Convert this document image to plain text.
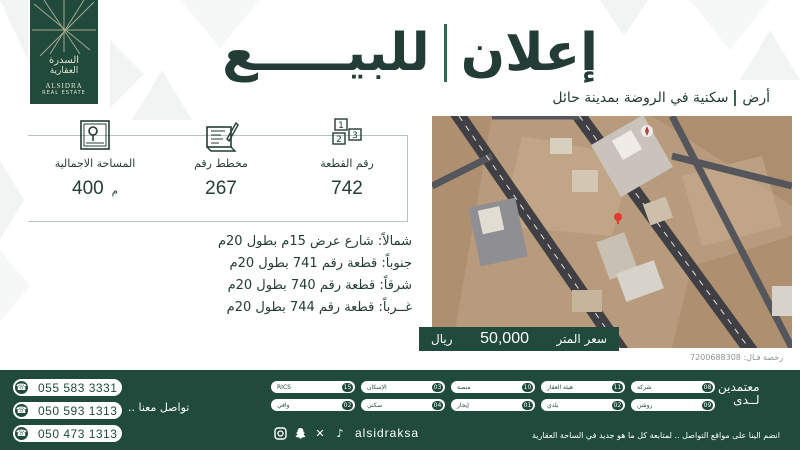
السدرة
العقارية
ALSIDRA
REAL ESTATE
إعلان
للبيـــــع
أرض
سكنية في الروضة بمدينة حائل
المساحة الاجمالية
400 م
مخطط رقم
267
1
2 3
رقم القطعة
742
شمالاً: شارع عرض 15م بطول 20م
جنوباً: قطعة رقم 741 بطول 20م
شرقاً: قطعة رقم 740 بطول 20م
غــرباً: قطعة رقم 744 بطول 20م
سعر المتر
50,000
ريال
رخصة فـال: 7200688308
☎ 055 583 3331
☎ 050 593 1313
☎ 050 473 1313
تواصل معنا ..
شركة	08
هيئة العقار	11
منصة	10
الإسكان	03
RICS	15
روشن	09
بلدي	02
إيجار	01
سكني	04
وافي	02
معتمدين
لــدى
✕	♪ alsidraksa	انضم الينا على مواقع التواصل .. لمتابعة كل ما هو جديد في الساحة العقارية
